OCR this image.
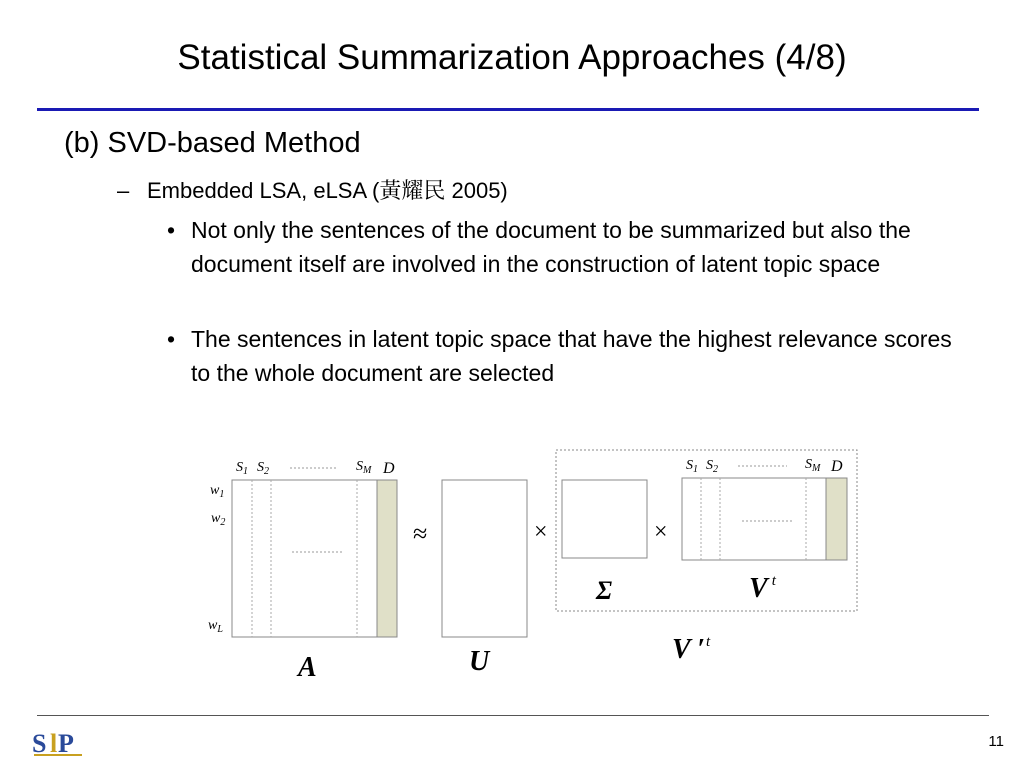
Statistical Summarization Approaches (4/8)
(b) SVD-based Method
– Embedded LSA, eLSA (黃耀民 2005)
• Not only the sentences of the document to be summarized but also the document itself are involved in the construction of latent topic space
• The sentences in latent topic space that have the highest relevance scores to the whole document are selected
$S_1$ $S_2$	$S_M$ D
$w_1$
$w_2$
$w_L$
A
≈
U
×
Σ
×
$S_1$ $S_2$	$S_M$ D
V $^t$
V $'^t$
S l P	11
